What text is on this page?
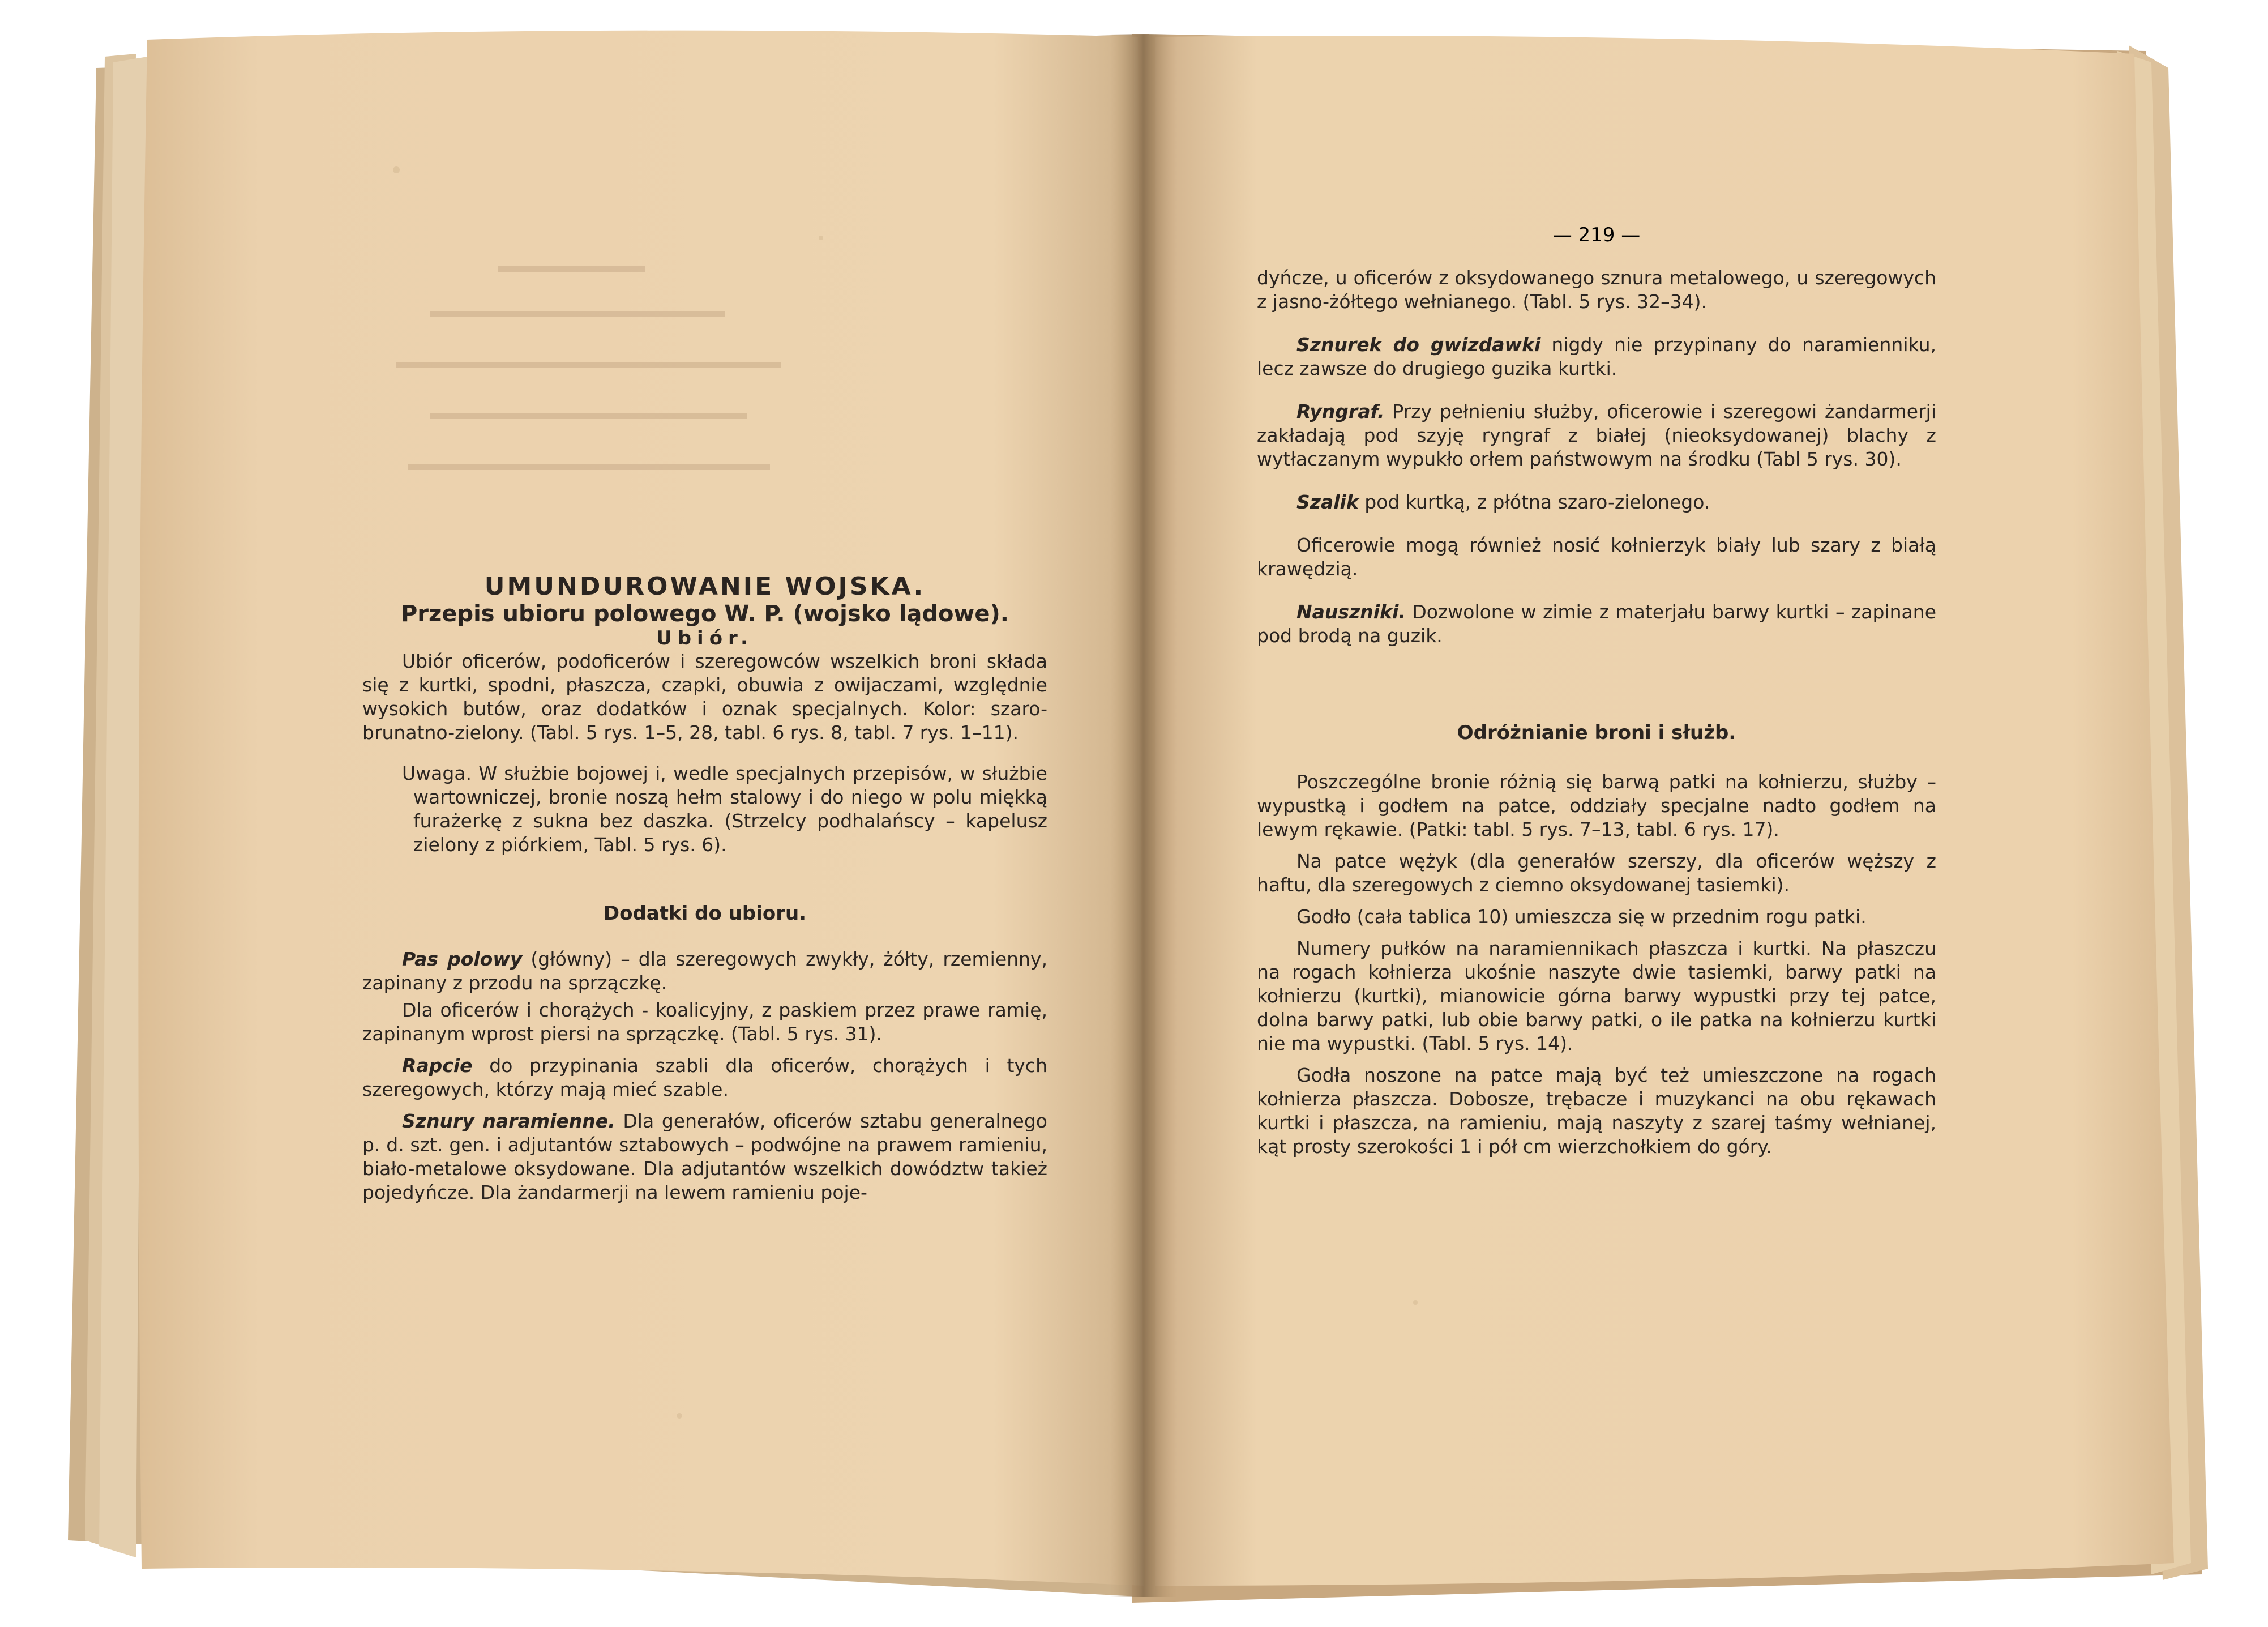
UMUNDUROWANIE WOJSKA.

Przepis ubioru polowego W. P. (wojsko lądowe).

Ubiór.

Ubiór oficerów, podoficerów i szeregowców wszelkich broni składa się z kurtki, spodni, płaszcza, czapki, obuwia z owijaczami, względnie wysokich butów, oraz dodatków i oznak specjalnych. Kolor: szaro-brunatno-zielony. (Tabl. 5 rys. 1–5, 28, tabl. 6 rys. 8, tabl. 7 rys. 1–11).

Uwaga. W służbie bojowej i, wedle specjalnych przepisów, w służbie wartowniczej, bronie noszą hełm stalowy i do niego w polu miękką furażerkę z sukna bez daszka. (Strzelcy podhalańscy – kapelusz zielony z piórkiem, Tabl. 5 rys. 6).

Dodatki do ubioru.

Pas polowy (główny) – dla szeregowych zwykły, żółty, rzemienny, zapinany z przodu na sprzączkę.

Dla oficerów i chorążych - koalicyjny, z paskiem przez prawe ramię, zapinanym wprost piersi na sprzączkę. (Tabl. 5 rys. 31).

Rapcie do przypinania szabli dla oficerów, chorążych i tych szeregowych, którzy mają mieć szable.

Sznury naramienne. Dla generałów, oficerów sztabu generalnego p. d. szt. gen. i adjutantów sztabowych – podwójne na prawem ramieniu, biało-metalowe oksydowane. Dla adjutantów wszelkich dowództw takież pojedyńcze. Dla żandarmerji na lewem ramieniu poje-

— 219 —

dyńcze, u oficerów z oksydowanego sznura metalowego, u szeregowych z jasno-żółtego wełnianego. (Tabl. 5 rys. 32–34).

Sznurek do gwizdawki nigdy nie przypinany do naramienniku, lecz zawsze do drugiego guzika kurtki.

Ryngraf. Przy pełnieniu służby, oficerowie i szeregowi żandarmerji zakładają pod szyję ryngraf z białej (nieoksydowanej) blachy z wytłaczanym wypukło orłem państwowym na środku (Tabl 5 rys. 30).

Szalik pod kurtką, z płótna szaro-zielonego.

Oficerowie mogą również nosić kołnierzyk biały lub szary z białą krawędzią.

Nauszniki. Dozwolone w zimie z materjału barwy kurtki – zapinane pod brodą na guzik.

Odróżnianie broni i służb.

Poszczególne bronie różnią się barwą patki na kołnierzu, służby – wypustką i godłem na patce, oddziały specjalne nadto godłem na lewym rękawie. (Patki: tabl. 5 rys. 7–13, tabl. 6 rys. 17).

Na patce wężyk (dla generałów szerszy, dla oficerów węższy z haftu, dla szeregowych z ciemno oksydowanej tasiemki).

Godło (cała tablica 10) umieszcza się w przednim rogu patki.

Numery pułków na naramiennikach płaszcza i kurtki. Na płaszczu na rogach kołnierza ukośnie naszyte dwie tasiemki, barwy patki na kołnierzu (kurtki), mianowicie górna barwy wypustki przy tej patce, dolna barwy patki, lub obie barwy patki, o ile patka na kołnierzu kurtki nie ma wypustki. (Tabl. 5 rys. 14).

Godła noszone na patce mają być też umieszczone na rogach kołnierza płaszcza. Dobosze, trębacze i muzykanci na obu rękawach kurtki i płaszcza, na ramieniu, mają naszyty z szarej taśmy wełnianej, kąt prosty szerokości 1 i pół cm wierzchołkiem do góry.
